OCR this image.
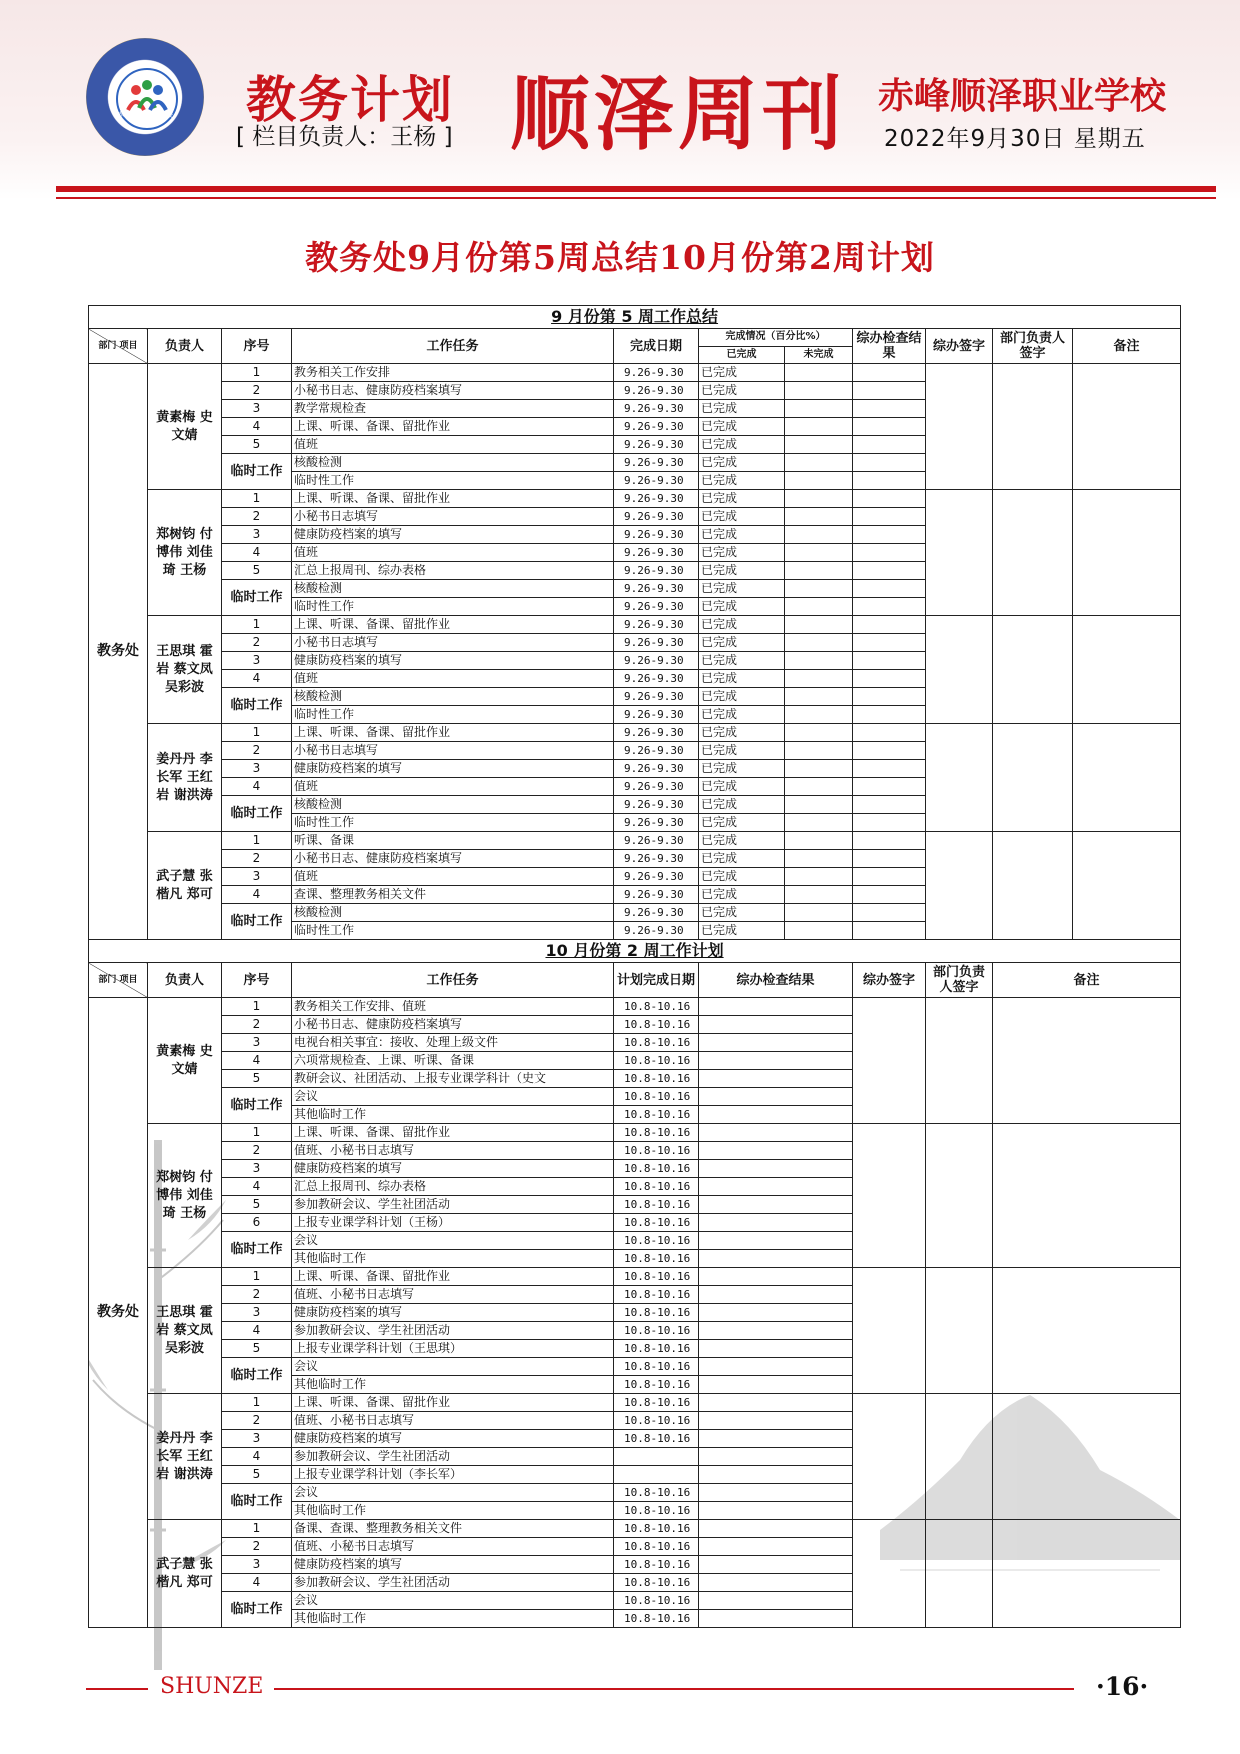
赤峰顺泽职业学校	教务计划
[ 栏目负责人：王杨 ] 顺泽周刊 赤峰顺泽职业学校
2022年9月30日 星期五
教务处9月份第5周总结10月份第2周计划
9 月份第 5 周工作总结										
部门 项目	负责人	序号	工作任务	完成日期	完成情况（百分比%）		综办检查结果	综办签字	部门负责人签字	备注
					已完成	未完成				
教务处	黄素梅 史文婧	1	教务相关工作安排	9.26-9.30	已完成					
		2	小秘书日志、健康防疫档案填写	9.26-9.30	已完成					
		3	教学常规检查	9.26-9.30	已完成					
		4	上课、听课、备课、留批作业	9.26-9.30	已完成					
		5	值班	9.26-9.30	已完成					
		临时工作	核酸检测	9.26-9.30	已完成					
			临时性工作	9.26-9.30	已完成					
	郑树钧 付博伟 刘佳琦 王杨	1	上课、听课、备课、留批作业	9.26-9.30	已完成					
		2	小秘书日志填写	9.26-9.30	已完成					
		3	健康防疫档案的填写	9.26-9.30	已完成					
		4	值班	9.26-9.30	已完成					
		5	汇总上报周刊、综办表格	9.26-9.30	已完成					
		临时工作	核酸检测	9.26-9.30	已完成					
			临时性工作	9.26-9.30	已完成					
	王思琪 霍岩 蔡文凤 吴彩波	1	上课、听课、备课、留批作业	9.26-9.30	已完成					
		2	小秘书日志填写	9.26-9.30	已完成					
		3	健康防疫档案的填写	9.26-9.30	已完成					
		4	值班	9.26-9.30	已完成					
		临时工作	核酸检测	9.26-9.30	已完成					
			临时性工作	9.26-9.30	已完成					
	姜丹丹 李长军 王红岩 谢洪涛	1	上课、听课、备课、留批作业	9.26-9.30	已完成					
		2	小秘书日志填写	9.26-9.30	已完成					
		3	健康防疫档案的填写	9.26-9.30	已完成					
		4	值班	9.26-9.30	已完成					
		临时工作	核酸检测	9.26-9.30	已完成					
			临时性工作	9.26-9.30	已完成					
	武子慧 张楷凡 郑可	1	听课、备课	9.26-9.30	已完成					
		2	小秘书日志、健康防疫档案填写	9.26-9.30	已完成					
		3	值班	9.26-9.30	已完成					
		4	查课、整理教务相关文件	9.26-9.30	已完成					
		临时工作	核酸检测	9.26-9.30	已完成					
			临时性工作	9.26-9.30	已完成					
10 月份第 2 周工作计划										
部门 项目	负责人	序号	工作任务	计划完成日期	综办检查结果		综办签字	部门负责人签字	备注	
教务处	黄素梅 史文婧	1	教务相关工作安排、值班	10.8-10.16						
		2	小秘书日志、健康防疫档案填写	10.8-10.16						
		3	电视台相关事宜：接收、处理上级文件	10.8-10.16						
		4	六项常规检查、上课、听课、备课	10.8-10.16						
		5	教研会议、社团活动、上报专业课学科计（史文	10.8-10.16						
		临时工作	会议	10.8-10.16						
			其他临时工作	10.8-10.16						
	郑树钧 付博伟 刘佳琦 王杨	1	上课、听课、备课、留批作业	10.8-10.16						
		2	值班、小秘书日志填写	10.8-10.16						
		3	健康防疫档案的填写	10.8-10.16						
		4	汇总上报周刊、综办表格	10.8-10.16						
		5	参加教研会议、学生社团活动	10.8-10.16						
		6	上报专业课学科计划（王杨）	10.8-10.16						
		临时工作	会议	10.8-10.16						
			其他临时工作	10.8-10.16						
	王思琪 霍岩 蔡文凤 吴彩波	1	上课、听课、备课、留批作业	10.8-10.16						
		2	值班、小秘书日志填写	10.8-10.16						
		3	健康防疫档案的填写	10.8-10.16						
		4	参加教研会议、学生社团活动	10.8-10.16						
		5	上报专业课学科计划（王思琪）	10.8-10.16						
		临时工作	会议	10.8-10.16						
			其他临时工作	10.8-10.16						
	姜丹丹 李长军 王红岩 谢洪涛	1	上课、听课、备课、留批作业	10.8-10.16						
		2	值班、小秘书日志填写	10.8-10.16						
		3	健康防疫档案的填写	10.8-10.16						
		4	参加教研会议、学生社团活动							
		5	上报专业课学科计划（李长军）							
		临时工作	会议	10.8-10.16						
			其他临时工作	10.8-10.16						
	武子慧 张楷凡 郑可	1	备课、查课、整理教务相关文件	10.8-10.16						
		2	值班、小秘书日志填写	10.8-10.16						
		3	健康防疫档案的填写	10.8-10.16						
		4	参加教研会议、学生社团活动	10.8-10.16						
		临时工作	会议	10.8-10.16						
			其他临时工作	10.8-10.16						
SHUNZE	·16·
